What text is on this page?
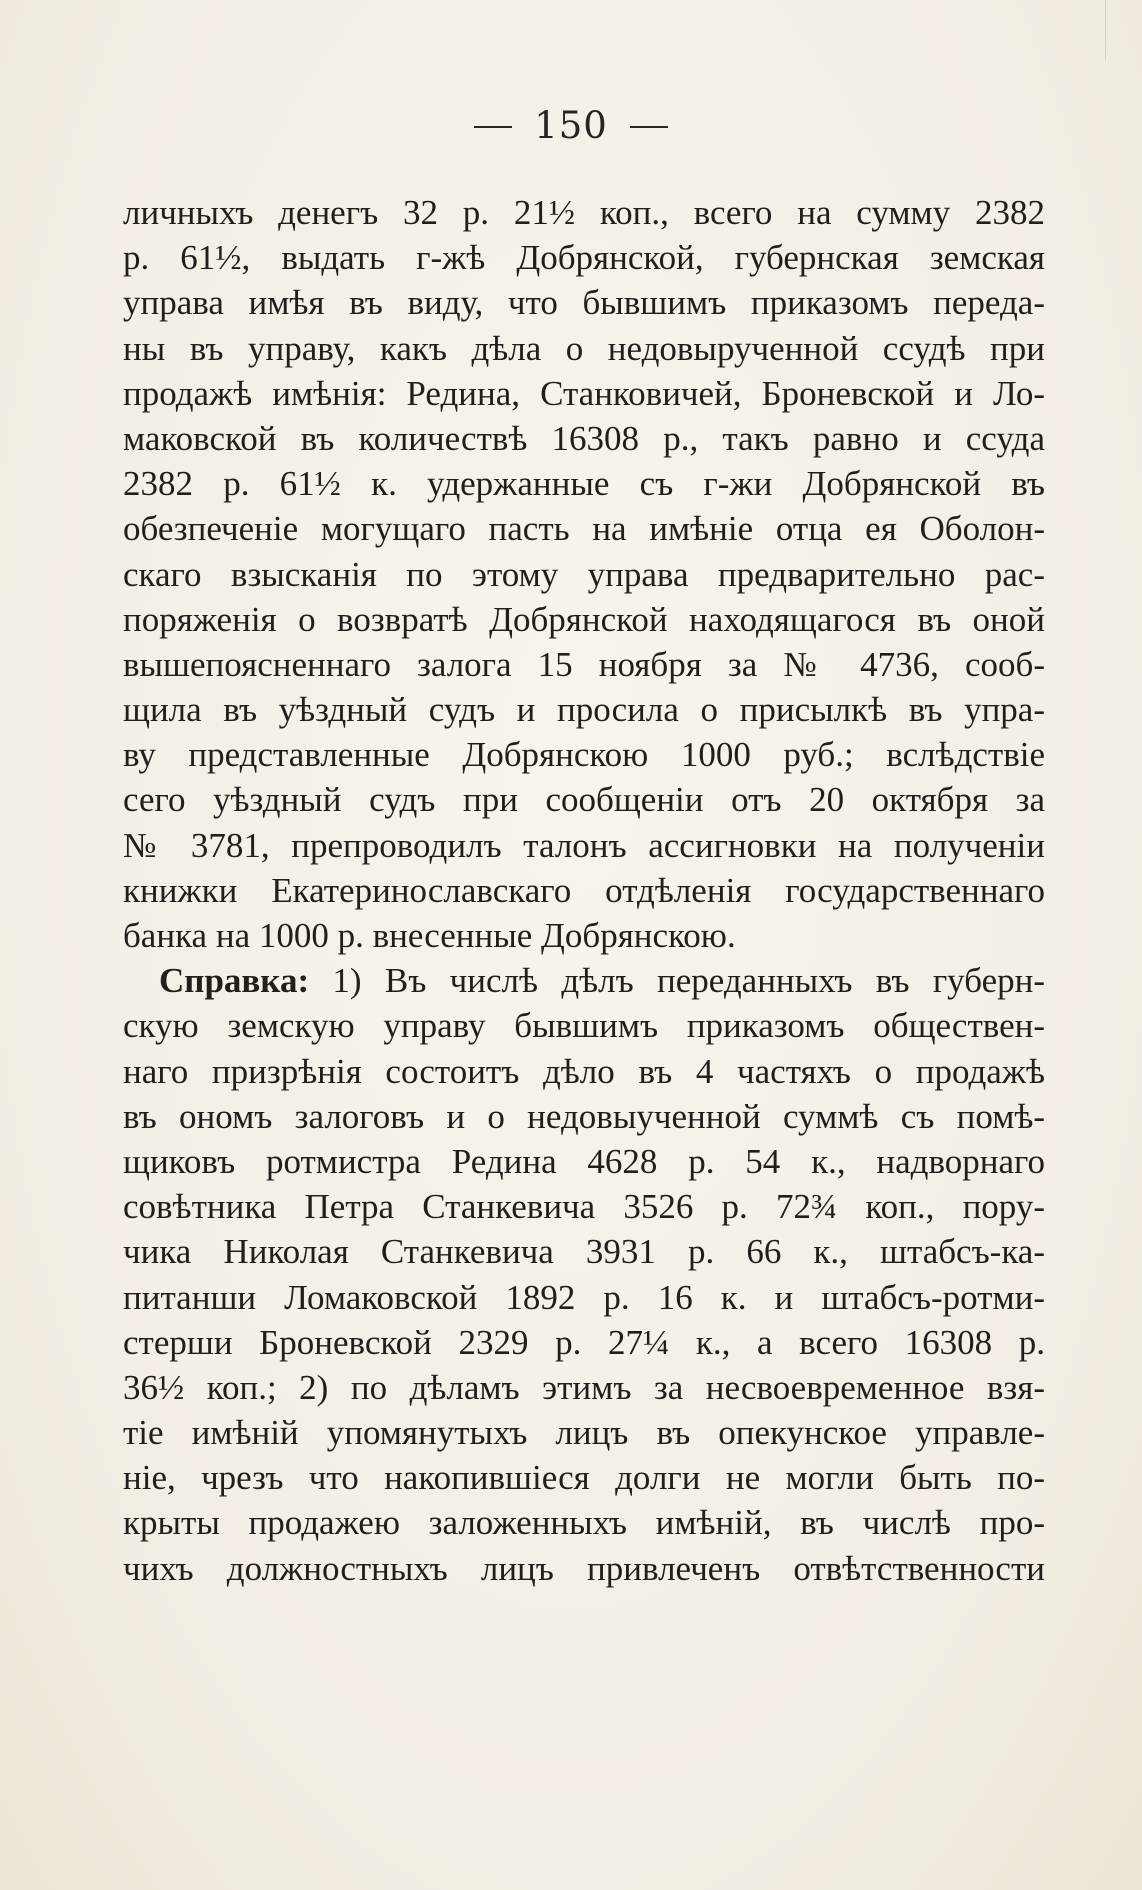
150
личныхъ денегъ 32 р. 21½ коп., всего на сумму 2382
р. 61½, выдать г-жѣ Добрянской, губернская земская
управа имѣя въ виду, что бывшимъ приказомъ переда-
ны въ управу, какъ дѣла о недовырученной ссудѣ при
продажѣ имѣнія: Редина, Станковичей, Броневской и Ло-
маковской въ количествѣ 16308 р., такъ равно и ссуда
2382 р. 61½ к. удержанные съ г-жи Добрянской въ
обезпеченіе могущаго пасть на имѣніе отца ея Оболон-
скаго взысканія по этому управа предварительно рас-
поряженія о возвратѣ Добрянской находящагося въ оной
вышепоясненнаго залога 15 ноября за № 4736, сооб-
щила въ уѣздный судъ и просила о присылкѣ въ упра-
ву представленные Добрянскою 1000 руб.; вслѣдствіе
сего уѣздный судъ при сообщеніи отъ 20 октября за
№ 3781, препроводилъ талонъ ассигновки на полученіи
книжки Екатеринославскаго отдѣленія государственнаго
банка на 1000 р. внесенные Добрянскою.
Справка: 1) Въ числѣ дѣлъ переданныхъ въ губерн-
скую земскую управу бывшимъ приказомъ обществен-
наго призрѣнія состоитъ дѣло въ 4 частяхъ о продажѣ
въ ономъ залоговъ и о недовыученной суммѣ съ помѣ-
щиковъ ротмистра Редина 4628 р. 54 к., надворнаго
совѣтника Петра Станкевича 3526 р. 72¾ коп., пору-
чика Николая Станкевича 3931 р. 66 к., штабсъ-ка-
питанши Ломаковской 1892 р. 16 к. и штабсъ-ротми-
стерши Броневской 2329 р. 27¼ к., а всего 16308 р.
36½ коп.; 2) по дѣламъ этимъ за несвоевременное взя-
тіе имѣній упомянутыхъ лицъ въ опекунское управле-
ніе, чрезъ что накопившіеся долги не могли быть по-
крыты продажею заложенныхъ имѣній, въ числѣ про-
чихъ должностныхъ лицъ привлеченъ отвѣтственности
